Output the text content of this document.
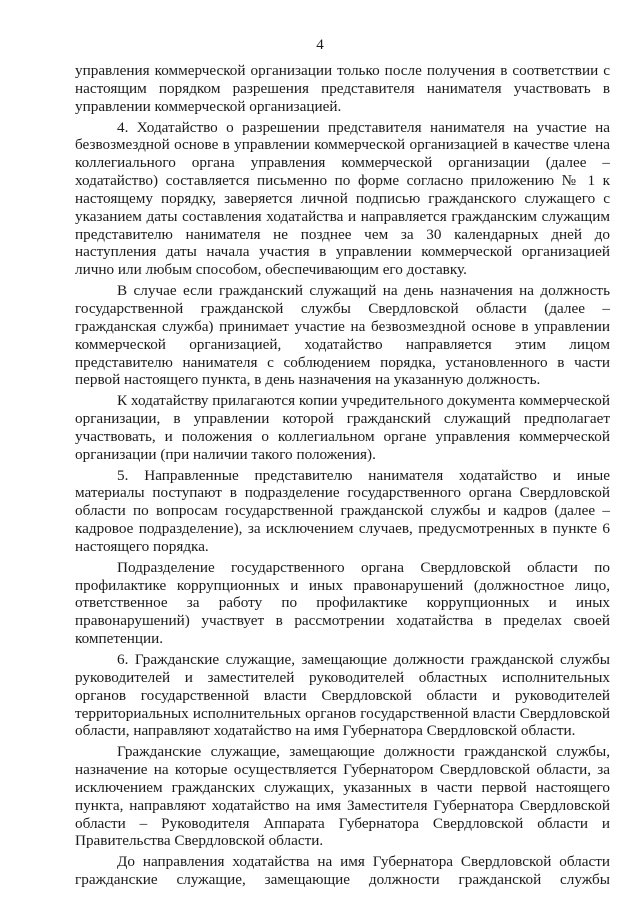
4

управления коммерческой организации только после получения в соответствии с настоящим порядком разрешения представителя нанимателя участвовать в управлении коммерческой организацией.

4. Ходатайство о разрешении представителя нанимателя на участие на безвозмездной основе в управлении коммерческой организацией в качестве члена коллегиального органа управления коммерческой организации (далее – ходатайство) составляется письменно по форме согласно приложению № 1 к настоящему порядку, заверяется личной подписью гражданского служащего с указанием даты составления ходатайства и направляется гражданским служащим представителю нанимателя не позднее чем за 30 календарных дней до наступления даты начала участия в управлении коммерческой организацией лично или любым способом, обеспечивающим его доставку.

В случае если гражданский служащий на день назначения на должность государственной гражданской службы Свердловской области (далее – гражданская служба) принимает участие на безвозмездной основе в управлении коммерческой организацией, ходатайство направляется этим лицом представителю нанимателя с соблюдением порядка, установленного в части первой настоящего пункта, в день назначения на указанную должность.

К ходатайству прилагаются копии учредительного документа коммерческой организации, в управлении которой гражданский служащий предполагает участвовать, и положения о коллегиальном органе управления коммерческой организации (при наличии такого положения).

5. Направленные представителю нанимателя ходатайство и иные материалы поступают в подразделение государственного органа Свердловской области по вопросам государственной гражданской службы и кадров (далее – кадровое подразделение), за исключением случаев, предусмотренных в пункте 6 настоящего порядка.

Подразделение государственного органа Свердловской области по профилактике коррупционных и иных правонарушений (должностное лицо, ответственное за работу по профилактике коррупционных и иных правонарушений) участвует в рассмотрении ходатайства в пределах своей компетенции.

6. Гражданские служащие, замещающие должности гражданской службы руководителей и заместителей руководителей областных исполнительных органов государственной власти Свердловской области и руководителей территориальных исполнительных органов государственной власти Свердловской области, направляют ходатайство на имя Губернатора Свердловской области.

Гражданские служащие, замещающие должности гражданской службы, назначение на которые осуществляется Губернатором Свердловской области, за исключением гражданских служащих, указанных в части первой настоящего пункта, направляют ходатайство на имя Заместителя Губернатора Свердловской области – Руководителя Аппарата Губернатора Свердловской области и Правительства Свердловской области.

До направления ходатайства на имя Губернатора Свердловской области гражданские служащие, замещающие должности гражданской службы
